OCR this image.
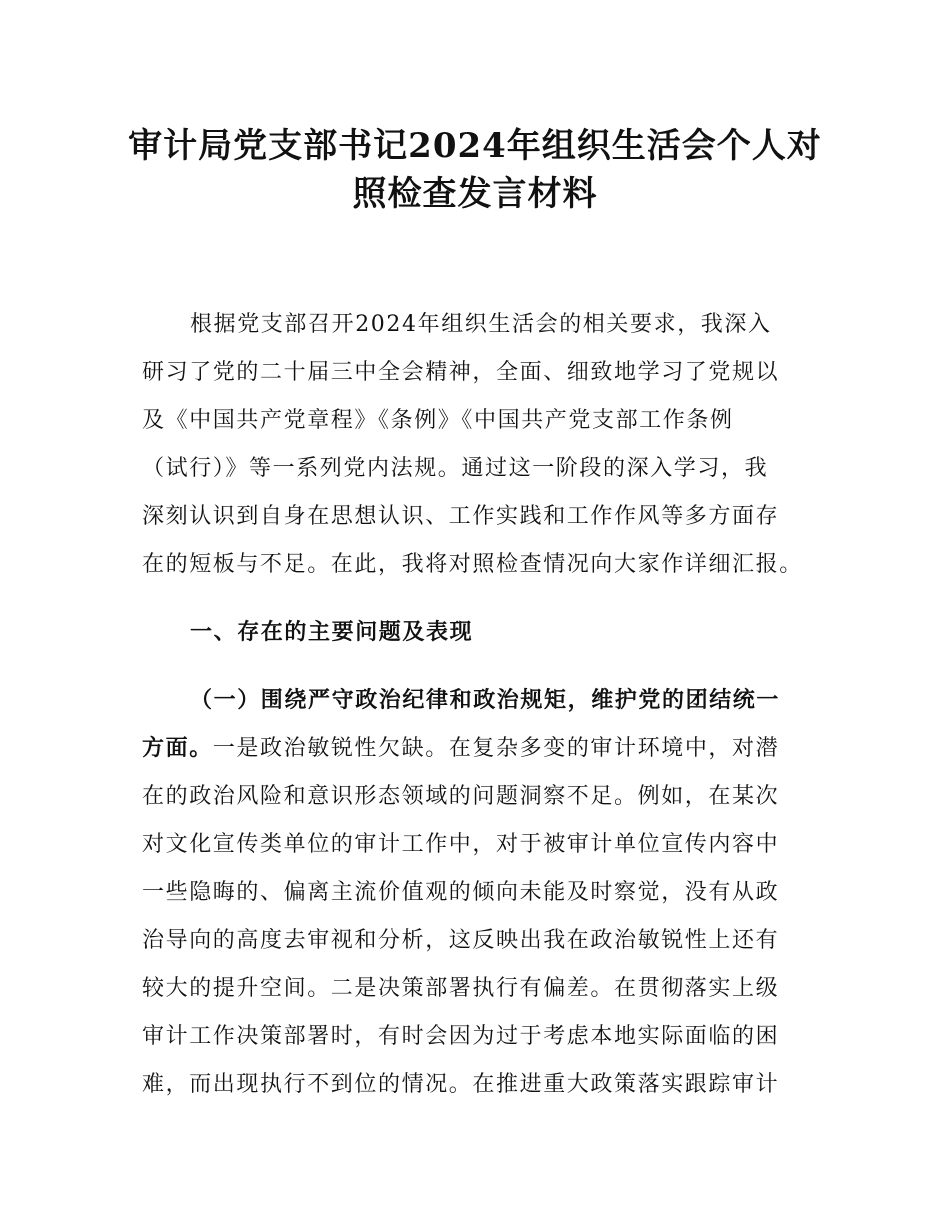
审计局党支部书记2024年组织生活会个人对
照检查发言材料
根据党支部召开2024年组织生活会的相关要求，我深入
研习了党的二十届三中全会精神，全面、细致地学习了党规以
及《中国共产党章程》《条例》《中国共产党支部工作条例
（试行）》等一系列党内法规。通过这一阶段的深入学习，我
深刻认识到自身在思想认识、工作实践和工作作风等多方面存
在的短板与不足。在此，我将对照检查情况向大家作详细汇报。
一、存在的主要问题及表现
（一）围绕严守政治纪律和政治规矩，维护党的团结统一
方面。一是政治敏锐性欠缺。在复杂多变的审计环境中，对潜
在的政治风险和意识形态领域的问题洞察不足。例如，在某次
对文化宣传类单位的审计工作中，对于被审计单位宣传内容中
一些隐晦的、偏离主流价值观的倾向未能及时察觉，没有从政
治导向的高度去审视和分析，这反映出我在政治敏锐性上还有
较大的提升空间。二是决策部署执行有偏差。在贯彻落实上级
审计工作决策部署时，有时会因为过于考虑本地实际面临的困
难，而出现执行不到位的情况。在推进重大政策落实跟踪审计
